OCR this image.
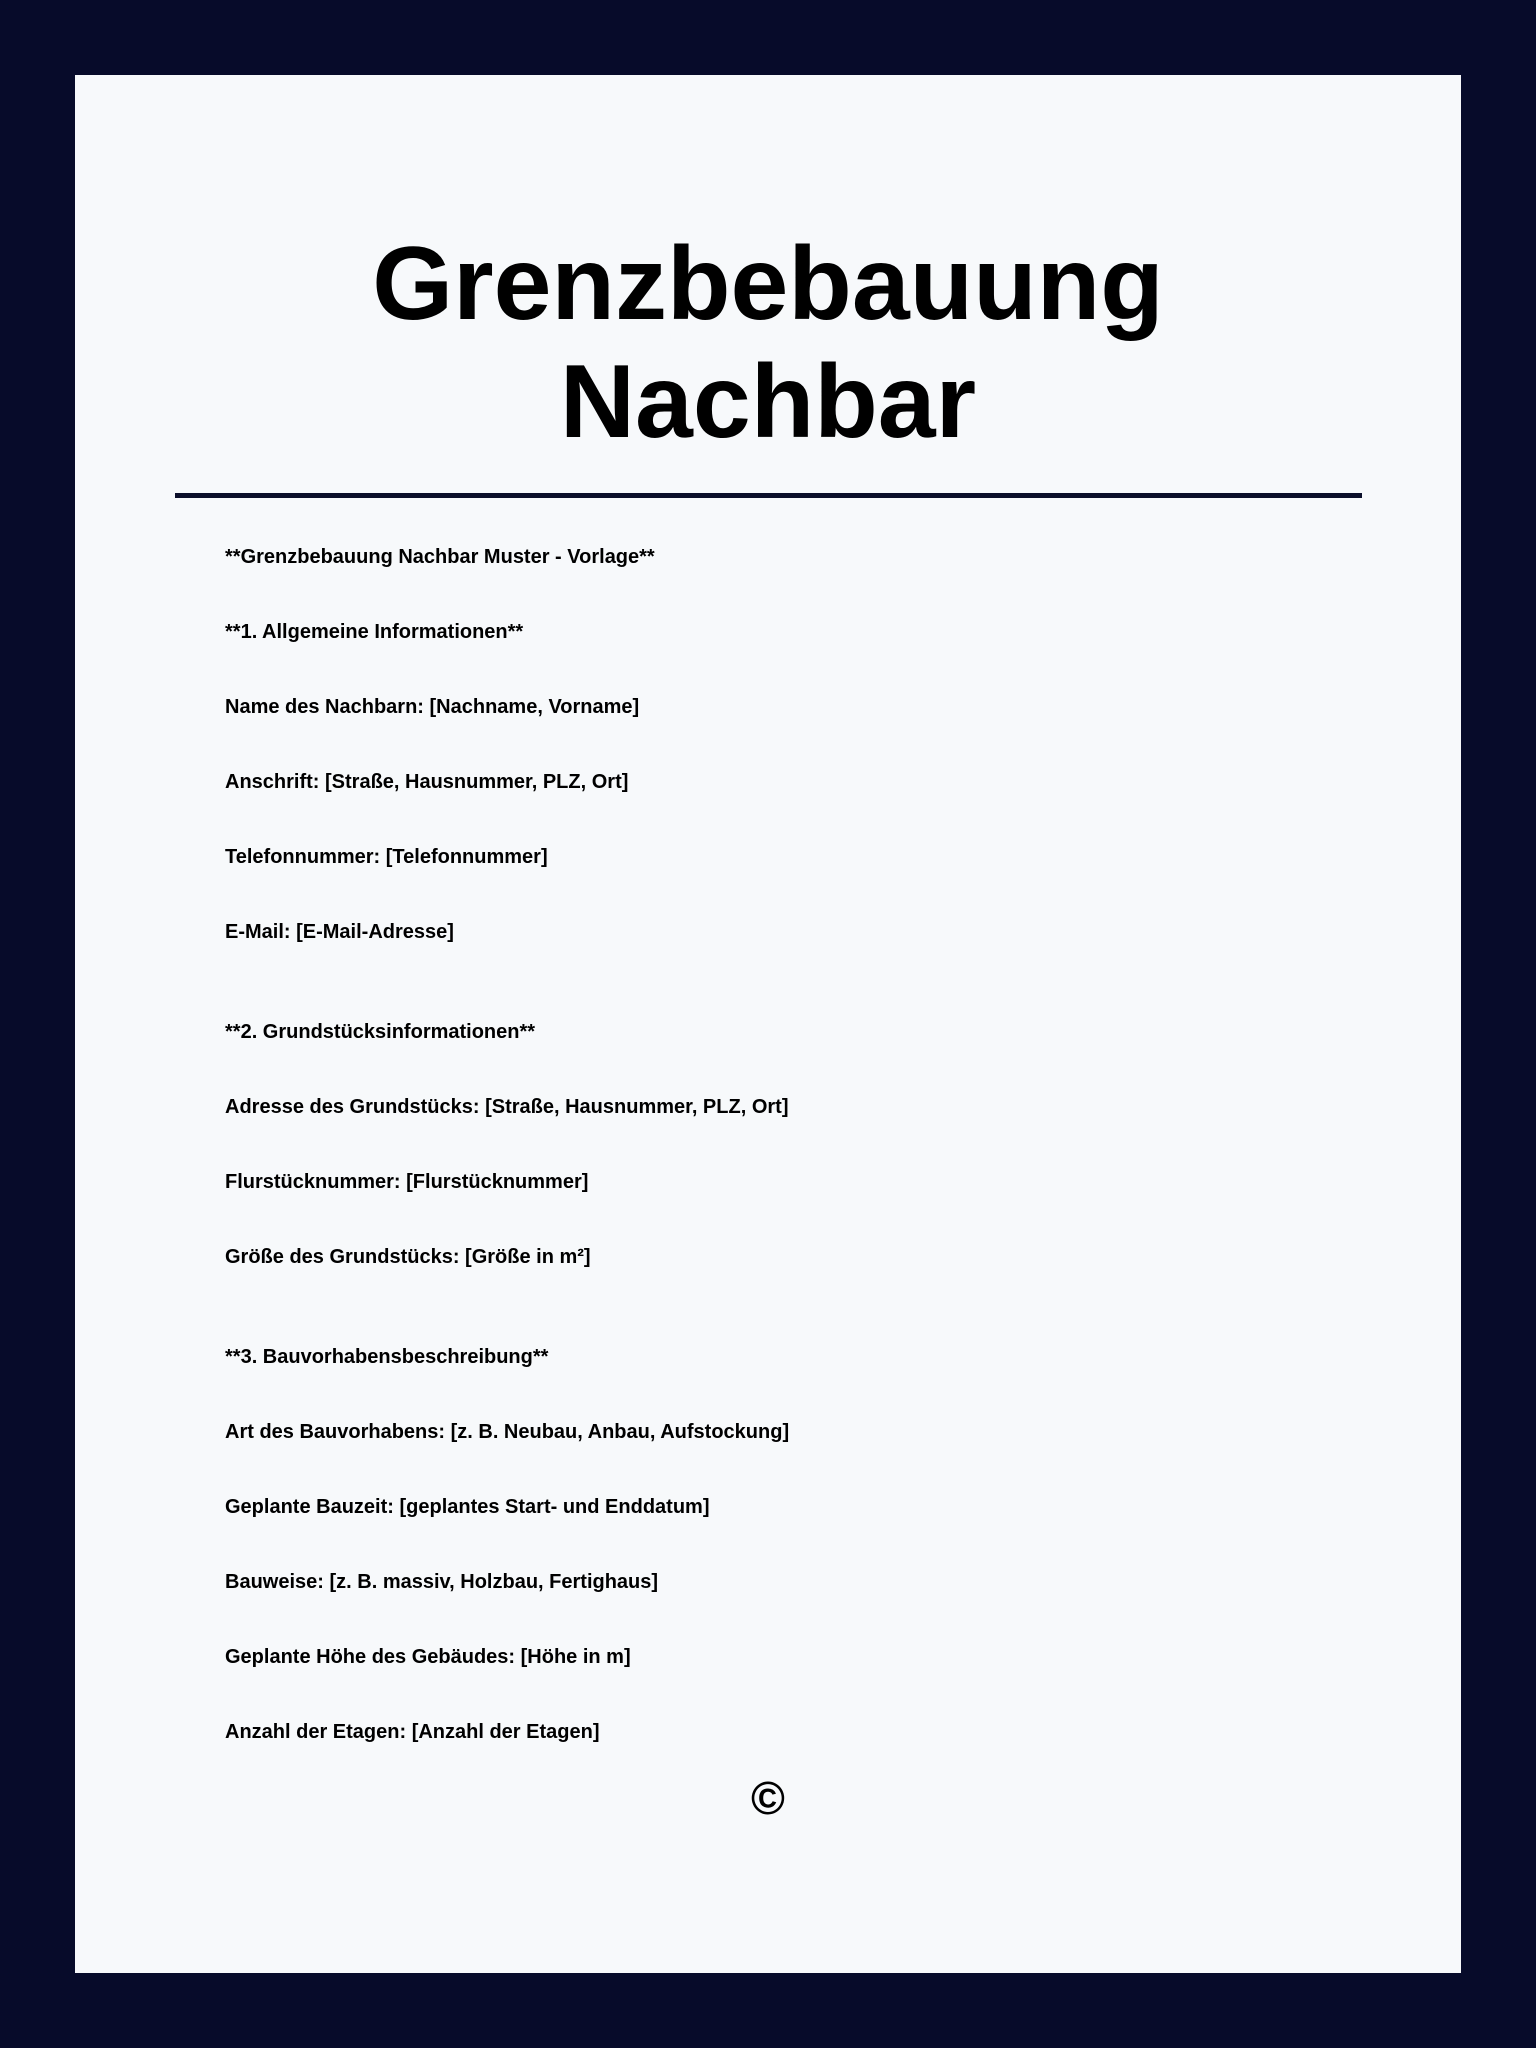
Grenzbebauung
Nachbar
**Grenzbebauung Nachbar Muster - Vorlage**
**1. Allgemeine Informationen**
Name des Nachbarn: [Nachname, Vorname]
Anschrift: [Straße, Hausnummer, PLZ, Ort]
Telefonnummer: [Telefonnummer]
E-Mail: [E-Mail-Adresse]
**2. Grundstücksinformationen**
Adresse des Grundstücks: [Straße, Hausnummer, PLZ, Ort]
Flurstücknummer: [Flurstücknummer]
Größe des Grundstücks: [Größe in m²]
**3. Bauvorhabensbeschreibung**
Art des Bauvorhabens: [z. B. Neubau, Anbau, Aufstockung]
Geplante Bauzeit: [geplantes Start- und Enddatum]
Bauweise: [z. B. massiv, Holzbau, Fertighaus]
Geplante Höhe des Gebäudes: [Höhe in m]
Anzahl der Etagen: [Anzahl der Etagen]
©
